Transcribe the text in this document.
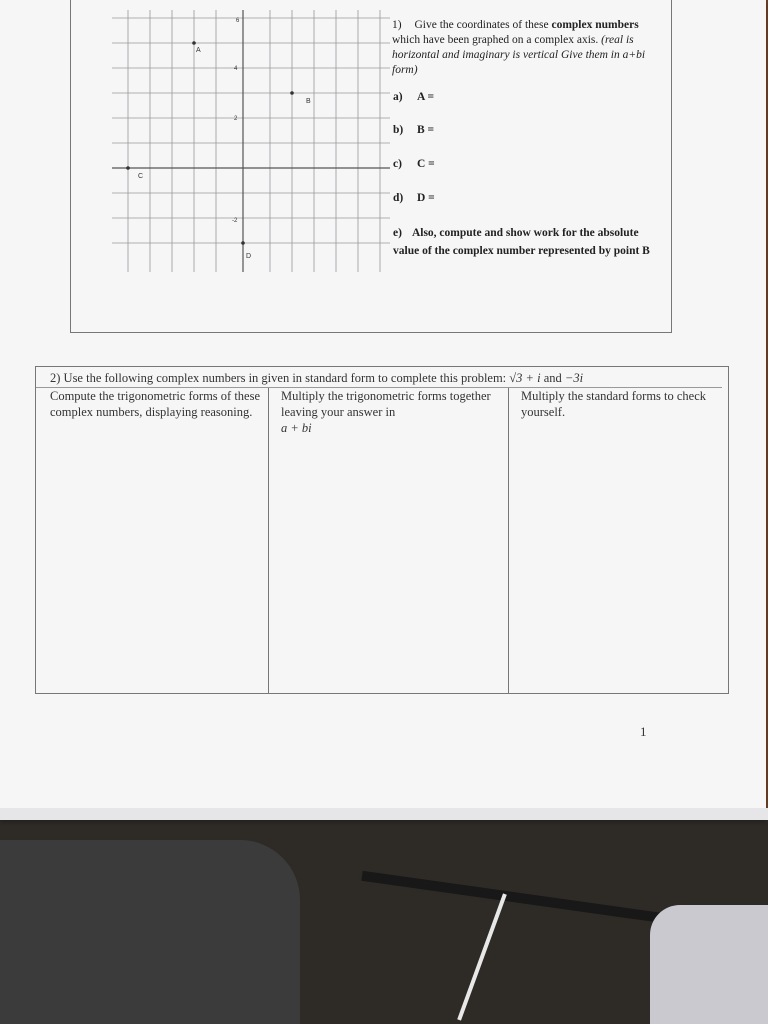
A
B
C
D
6
4
2
-2
1) Give the coordinates of these complex numbers which have been graphed on a complex axis. (real is horizontal and imaginary is vertical Give them in a+bi form)
a) A =
b) B =
c) C =
d) D =
e) Also, compute and show work for the absolute value of the complex number represented by point B
2) Use the following complex numbers in given in standard form to complete this problem: √3 + i and −3i
Compute the trigonometric forms of these complex numbers, displaying reasoning.
Multiply the trigonometric forms together leaving your answer in
a + bi
Multiply the standard forms to check yourself.
1
